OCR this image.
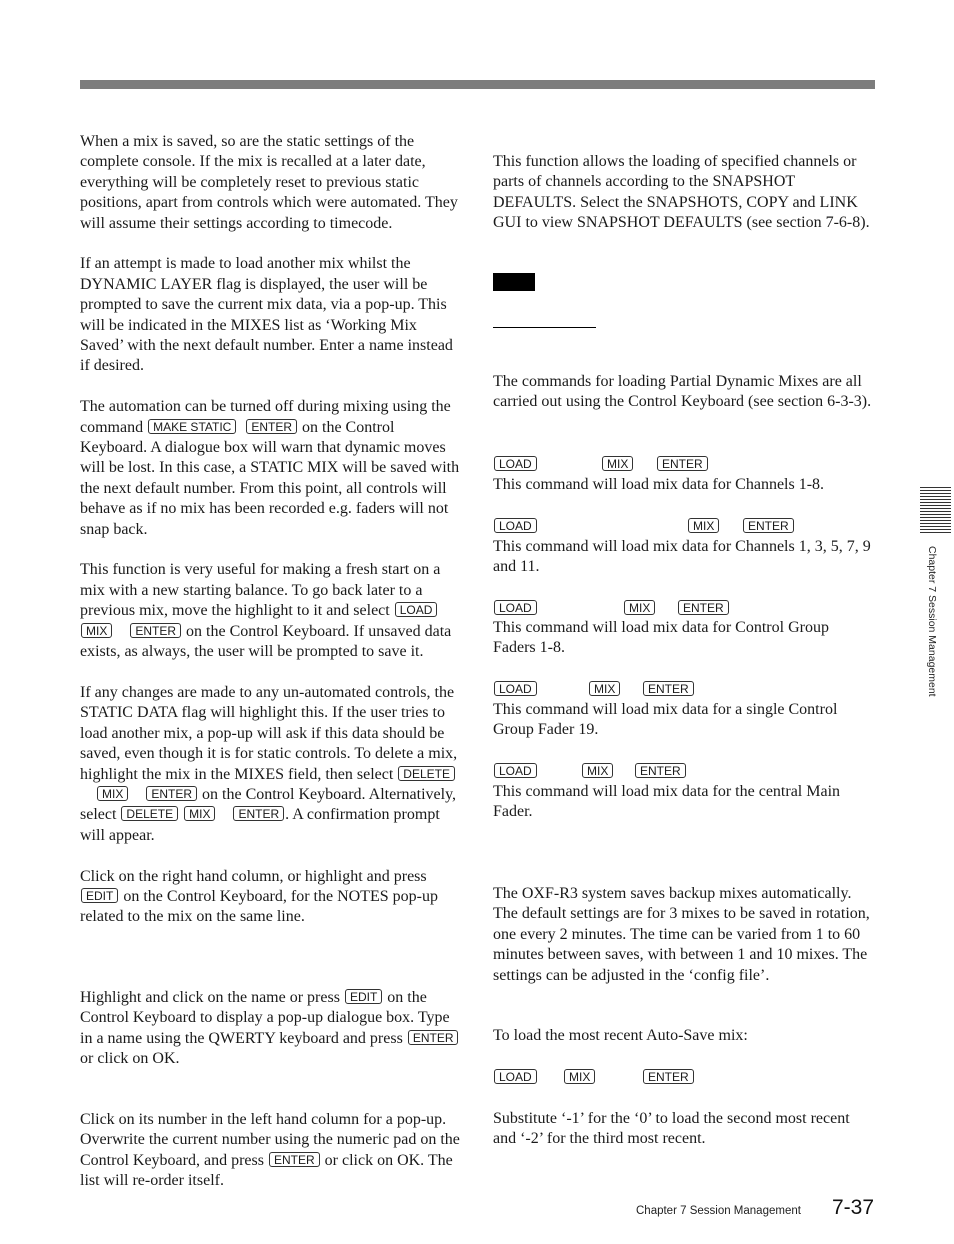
When a mix is saved, so are the static settings of the complete console. If the mix is recalled at a later date, everything will be completely reset to previous static positions, apart from controls which were automated. They will assume their settings according to timecode.

If an attempt is made to load another mix whilst the DYNAMIC LAYER flag is displayed, the user will be prompted to save the current mix data, via a pop-up. This will be indicated in the MIXES list as ‘Working Mix Saved’ with the next default number. Enter a name instead if desired.

The automation can be turned off during mixing using the command MAKE STATIC ENTER on the Control Keyboard. A dialogue box will warn that dynamic moves will be lost. In this case, a STATIC MIX will be saved with the next default number. From this point, all controls will behave as if no mix has been recorded e.g. faders will not snap back.

This function is very useful for making a fresh start on a mix with a new starting balance. To go back later to a previous mix, move the highlight to it and select LOAD    MIX ENTER on the Control Keyboard. If unsaved data exists, as always, the user will be prompted to save it.

If any changes are made to any un-automated controls, the STATIC DATA flag will highlight this. If the user tries to load another mix, a pop-up will ask if this data should be saved, even though it is for static controls. To delete a mix, highlight the mix in the MIXES field, then select DELETE    MIX ENTER on the Control Keyboard. Alternatively, select DELETE MIX ENTER . A confirmation prompt will appear.

Click on the right hand column, or highlight and press EDIT on the Control Keyboard, for the NOTES pop-up related to the mix on the same line.

Highlight and click on the name or press EDIT on the Control Keyboard to display a pop-up dialogue box. Type in a name using the QWERTY keyboard and press ENTER or click on OK.
Click on its number in the left hand column for a pop-up. Overwrite the current number using the numeric pad on the Control Keyboard, and press ENTER or click on OK. The list will re-order itself.
This function allows the loading of specified channels or parts of channels according to the SNAPSHOT DEFAULTS. Select the SNAPSHOTS, COPY and LINK GUI to view SNAPSHOT DEFAULTS (see section 7-6-8).
The commands for loading Partial Dynamic Mixes are all carried out using the Control Keyboard (see section 6-3-3).
LOAD	MIX	ENTER
This command will load mix data for Channels 1-8.
LOAD	MIX	ENTER
This command will load mix data for Channels 1, 3, 5, 7, 9 and 11.
LOAD	MIX	ENTER
This command will load mix data for Control Group Faders 1-8.
LOAD	MIX	ENTER
This command will load mix data for a single Control Group Fader 19.
LOAD	MIX	ENTER
This command will load mix data for the central Main Fader.
The OXF-R3 system saves backup mixes automatically. The default settings are for 3 mixes to be saved in rotation, one every 2 minutes. The time can be varied from 1 to 60 minutes between saves, with between 1 and 10 mixes. The settings can be adjusted in the ‘config file’.
To load the most recent Auto-Save mix:
LOAD	MIX	ENTER
Substitute ‘-1’ for the ‘0’ to load the second most recent and ‘-2’ for the third most recent.
Chapter 7 Session Management
Chapter 7 Session Management 7-37
